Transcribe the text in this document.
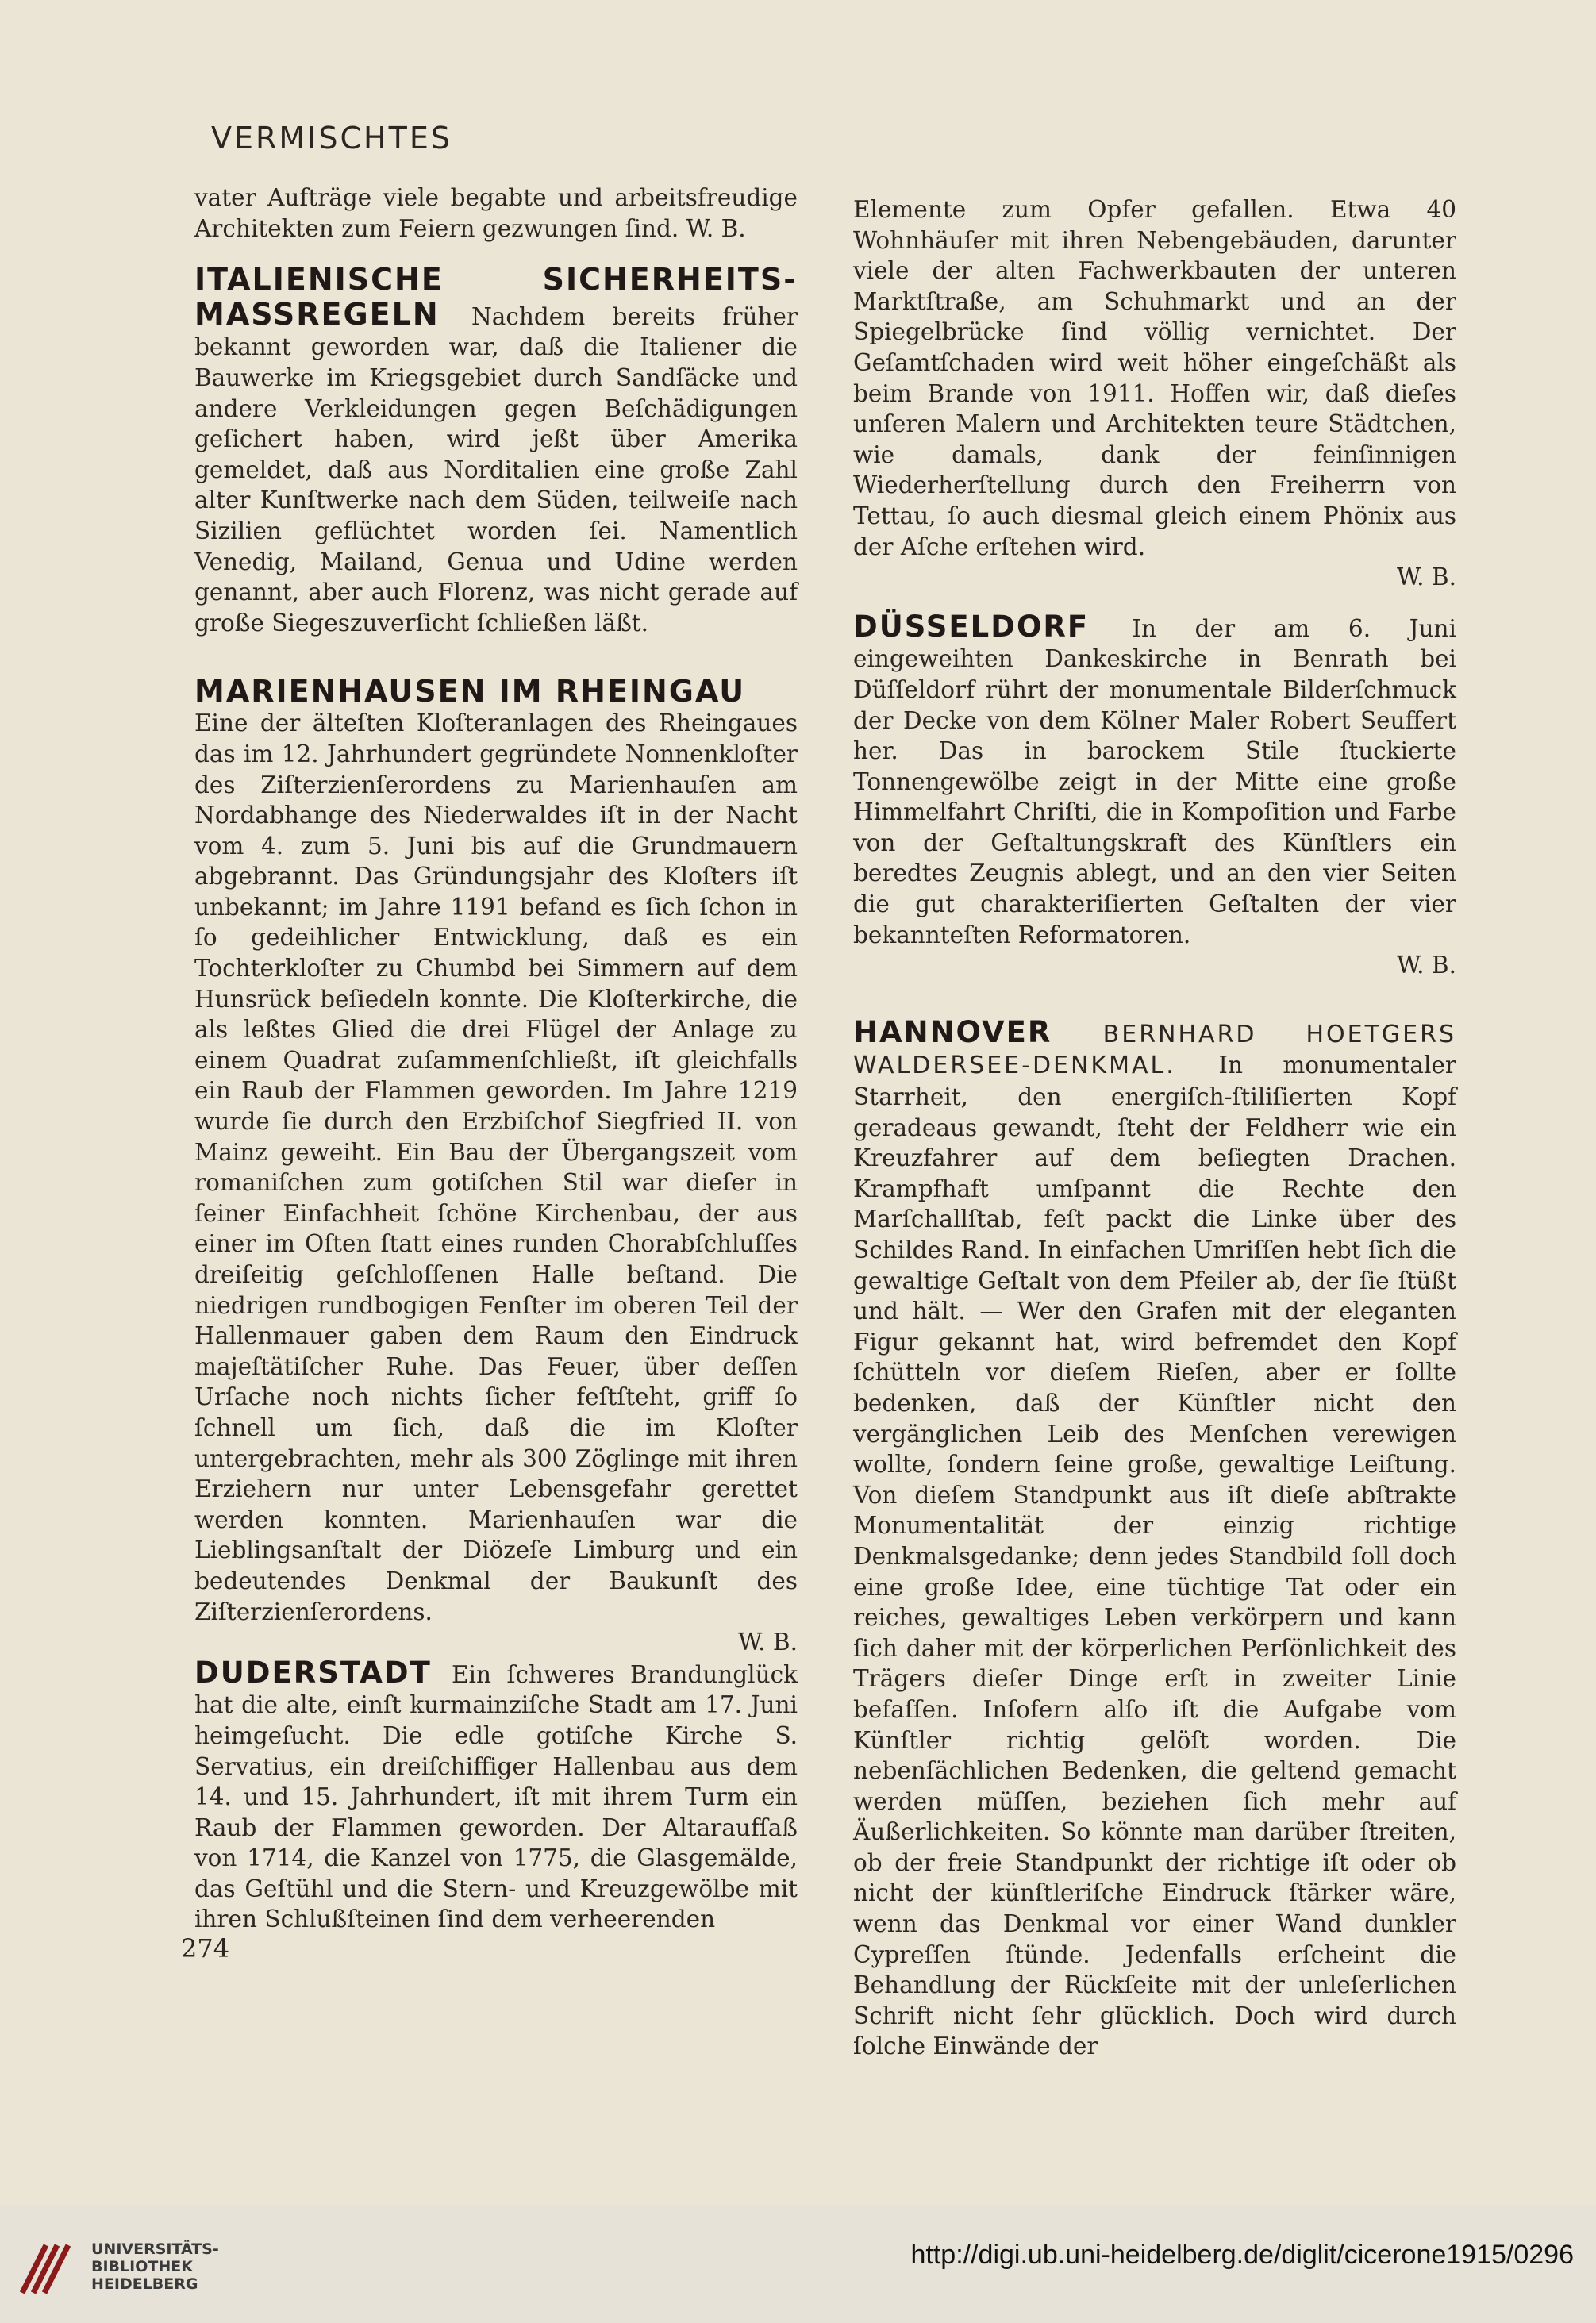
VERMISCHTES

vater Aufträge viele begabte und arbeitsfreudige Architekten zum Feiern gezwungen ſind. W. B.

ITALIENISCHE SICHERHEITS-MASSREGELN Nachdem bereits früher bekannt geworden war, daß die Italiener die Bauwerke im Kriegsgebiet durch Sandſäcke und andere Verkleidungen gegen Beſchädigungen geſichert haben, wird jeßt über Amerika gemeldet, daß aus Norditalien eine große Zahl alter Kunſtwerke nach dem Süden, teilweiſe nach Sizilien geflüchtet worden ſei. Namentlich Venedig, Mailand, Genua und Udine werden genannt, aber auch Florenz, was nicht gerade auf große Siegeszuverſicht ſchließen läßt.

MARIENHAUSEN IM RHEINGAU

Eine der älteſten Kloſteranlagen des Rheingaues das im 12. Jahrhundert gegründete Nonnenkloſter des Ziſterzienſerordens zu Marienhauſen am Nordabhange des Niederwaldes iſt in der Nacht vom 4. zum 5. Juni bis auf die Grundmauern abgebrannt. Das Gründungsjahr des Kloſters iſt unbekannt; im Jahre 1191 befand es ſich ſchon in ſo gedeihlicher Entwicklung, daß es ein Tochterkloſter zu Chumbd bei Simmern auf dem Hunsrück beſiedeln konnte. Die Kloſterkirche, die als leßtes Glied die drei Flügel der Anlage zu einem Quadrat zuſammenſchließt, iſt gleichfalls ein Raub der Flammen geworden. Im Jahre 1219 wurde ſie durch den Erzbiſchof Siegfried II. von Mainz geweiht. Ein Bau der Übergangszeit vom romaniſchen zum gotiſchen Stil war dieſer in ſeiner Einfachheit ſchöne Kirchenbau, der aus einer im Oſten ſtatt eines runden Chorabſchluſſes dreiſeitig geſchloſſenen Halle beſtand. Die niedrigen rundbogigen Fenſter im oberen Teil der Hallenmauer gaben dem Raum den Eindruck majeſtätiſcher Ruhe. Das Feuer, über deſſen Urſache noch nichts ſicher feſtſteht, griff ſo ſchnell um ſich, daß die im Kloſter untergebrachten, mehr als 300 Zöglinge mit ihren Erziehern nur unter Lebensgefahr gerettet werden konnten. Marienhauſen war die Lieblingsanſtalt der Diözeſe Limburg und ein bedeutendes Denkmal der Baukunſt des Ziſterzienſerordens.

W. B.

DUDERSTADT Ein ſchweres Brandunglück hat die alte, einſt kurmainziſche Stadt am 17. Juni heimgeſucht. Die edle gotiſche Kirche S. Servatius, ein dreiſchiffiger Hallenbau aus dem 14. und 15. Jahrhundert, iſt mit ihrem Turm ein Raub der Flammen geworden. Der Altaraufſaß von 1714, die Kanzel von 1775, die Glasgemälde, das Geſtühl und die Stern- und Kreuzgewölbe mit ihren Schlußſteinen ſind dem verheerenden

Elemente zum Opfer gefallen. Etwa 40 Wohnhäuſer mit ihren Nebengebäuden, darunter viele der alten Fachwerkbauten der unteren Marktſtraße, am Schuhmarkt und an der Spiegelbrücke ſind völlig vernichtet. Der Geſamtſchaden wird weit höher eingeſchäßt als beim Brande von 1911. Hoffen wir, daß dieſes unſeren Malern und Architekten teure Städtchen, wie damals, dank der feinſinnigen Wiederherſtellung durch den Freiherrn von Tettau, ſo auch diesmal gleich einem Phönix aus der Aſche erſtehen wird.

W. B.

DÜSSELDORF In der am 6. Juni eingeweihten Dankeskirche in Benrath bei Düſſeldorf rührt der monumentale Bilderſchmuck der Decke von dem Kölner Maler Robert Seuffert her. Das in barockem Stile ſtuckierte Tonnengewölbe zeigt in der Mitte eine große Himmelfahrt Chriſti, die in Kompoſition und Farbe von der Geſtaltungskraft des Künſtlers ein beredtes Zeugnis ablegt, und an den vier Seiten die gut charakteriſierten Geſtalten der vier bekannteſten Reformatoren.

W. B.

HANNOVER BERNHARD HOETGERS WALDERSEE-DENKMAL. In monumentaler Starrheit, den energiſch-ſtiliſierten Kopf geradeaus gewandt, ſteht der Feldherr wie ein Kreuzfahrer auf dem beſiegten Drachen. Krampfhaft umſpannt die Rechte den Marſchallſtab, feſt packt die Linke über des Schildes Rand. In einfachen Umriſſen hebt ſich die gewaltige Geſtalt von dem Pfeiler ab, der ſie ſtüßt und hält. — Wer den Grafen mit der eleganten Figur gekannt hat, wird befremdet den Kopf ſchütteln vor dieſem Rieſen, aber er ſollte bedenken, daß der Künſtler nicht den vergänglichen Leib des Menſchen verewigen wollte, ſondern ſeine große, gewaltige Leiſtung. Von dieſem Standpunkt aus iſt dieſe abſtrakte Monumentalität der einzig richtige Denkmalsgedanke; denn jedes Standbild ſoll doch eine große Idee, eine tüchtige Tat oder ein reiches, gewaltiges Leben verkörpern und kann ſich daher mit der körperlichen Perſönlichkeit des Trägers dieſer Dinge erſt in zweiter Linie befaſſen. Inſofern alſo iſt die Aufgabe vom Künſtler richtig gelöſt worden. Die nebenſächlichen Bedenken, die geltend gemacht werden müſſen, beziehen ſich mehr auf Äußerlichkeiten. So könnte man darüber ſtreiten, ob der freie Standpunkt der richtige iſt oder ob nicht der künſtleriſche Eindruck ſtärker wäre, wenn das Denkmal vor einer Wand dunkler Cypreſſen ſtünde. Jedenfalls erſcheint die Behandlung der Rückſeite mit der unleſerlichen Schrift nicht ſehr glücklich. Doch wird durch ſolche Einwände der

274
UNIVERSITÄTS-
BIBLIOTHEK
HEIDELBERG
http://digi.ub.uni-heidelberg.de/diglit/cicerone1915/0296
